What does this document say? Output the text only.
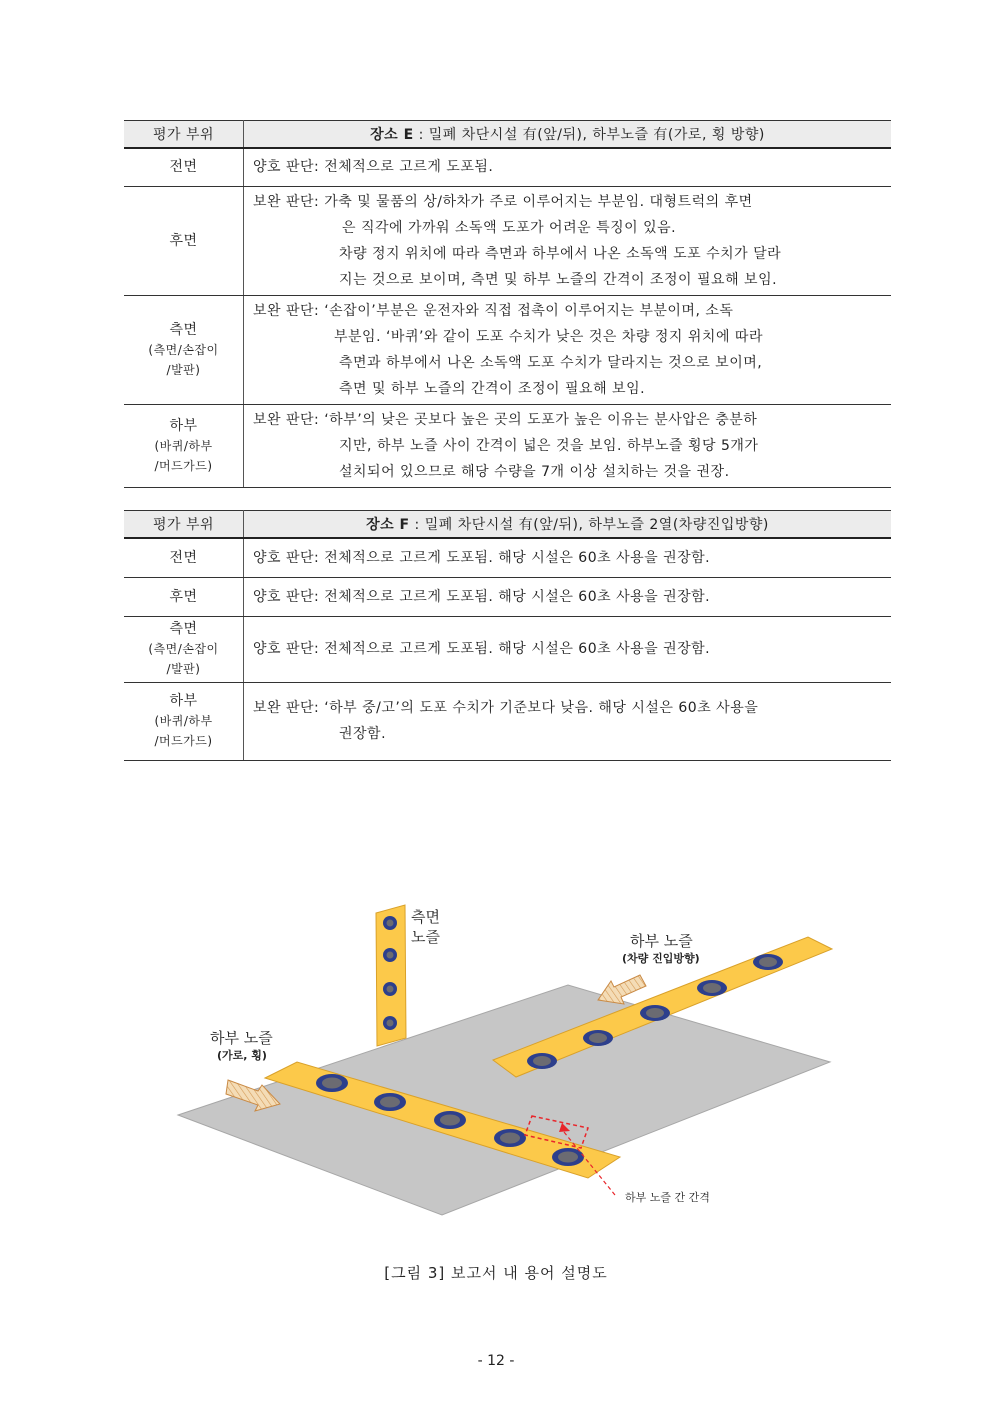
평가 부위	장소 E : 밀폐 차단시설 有(앞/뒤), 하부노즐 有(가로, 횡 방향)
전면	양호 판단: 전체적으로 고르게 도포됨.

후면	보완 판단: 가축 및 물품의 상/하차가 주로 이루어지는 부분임. 대형트럭의 후면
은 직각에 가까워 소독액 도포가 어려운 특징이 있음.
차량 정지 위치에 따라 측면과 하부에서 나온 소독액 도포 수치가 달라
지는 것으로 보이며, 측면 및 하부 노즐의 간격이 조정이 필요해 보임.

측면
(측면/손잡이
/발판)	보완 판단: ‘손잡이’부분은 운전자와 직접 접촉이 이루어지는 부분이며, 소독
부분임. ‘바퀴’와 같이 도포 수치가 낮은 것은 차량 정지 위치에 따라
측면과 하부에서 나온 소독액 도포 수치가 달라지는 것으로 보이며,
측면 및 하부 노즐의 간격이 조정이 필요해 보임.

하부
(바퀴/하부
/머드가드)	보완 판단: ‘하부’의 낮은 곳보다 높은 곳의 도포가 높은 이유는 분사압은 충분하
지만, 하부 노즐 사이 간격이 넓은 것을 보임. 하부노즐 횡당 5개가
설치되어 있으므로 해당 수량을 7개 이상 설치하는 것을 권장.
평가 부위	장소 F : 밀폐 차단시설 有(앞/뒤), 하부노즐 2열(차량진입방향)
전면	양호 판단: 전체적으로 고르게 도포됨. 해당 시설은 60초 사용을 권장함.

후면	양호 판단: 전체적으로 고르게 도포됨. 해당 시설은 60초 사용을 권장함.

측면
(측면/손잡이
/발판)	양호 판단: 전체적으로 고르게 도포됨. 해당 시설은 60초 사용을 권장함.

하부
(바퀴/하부
/머드가드)	보완 판단: ‘하부 중/고’의 도포 수치가 기준보다 낮음. 해당 시설은 60초 사용을
권장함.
측면
노즐	하부 노즐
(차량 진입방향)
하부 노즐
(가로, 횡)
하부 노즐 간 간격
[그림 3] 보고서 내 용어 설명도
- 12 -
